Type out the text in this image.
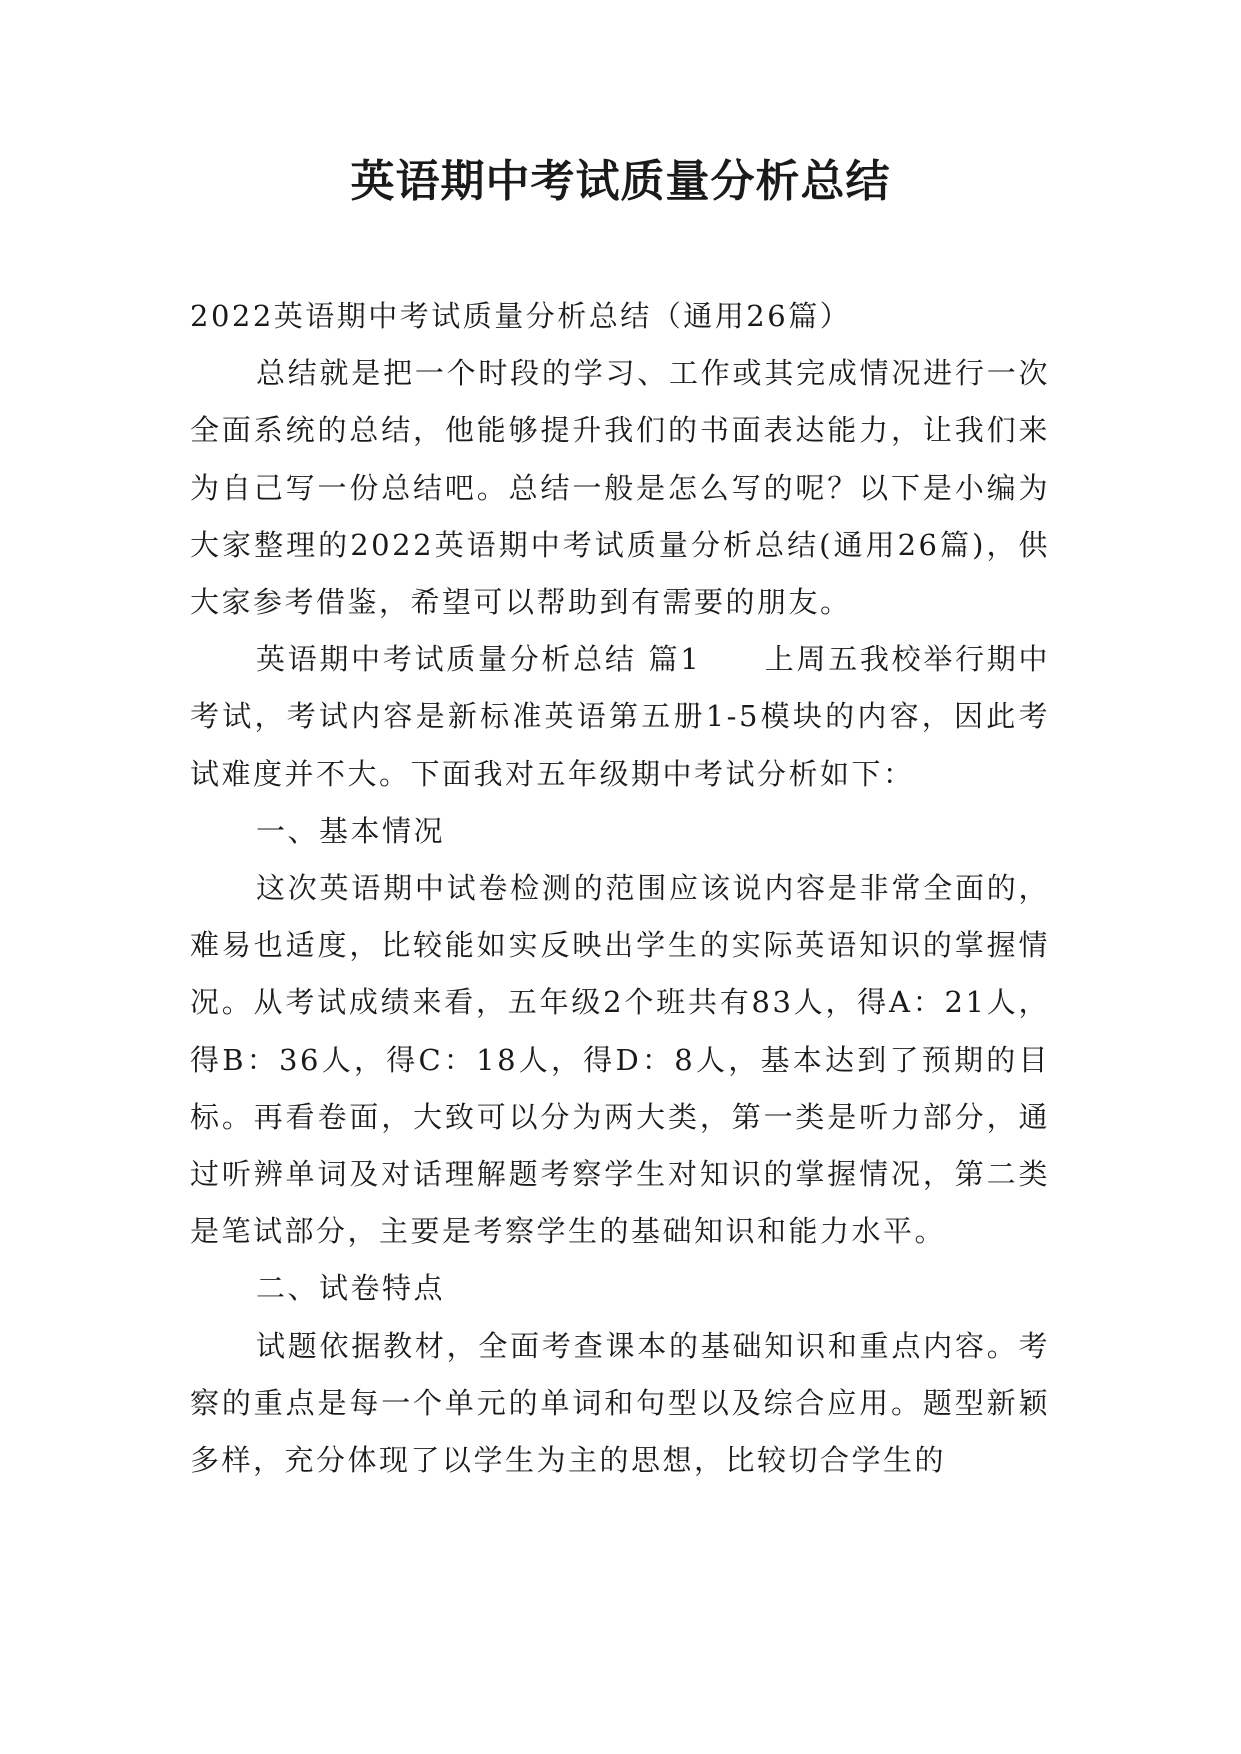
英语期中考试质量分析总结

2022英语期中考试质量分析总结（通用26篇）

总结就是把一个时段的学习、工作或其完成情况进行一次全面系统的总结，他能够提升我们的书面表达能力，让我们来为自己写一份总结吧。总结一般是怎么写的呢？以下是小编为大家整理的2022英语期中考试质量分析总结(通用26篇)，供大家参考借鉴，希望可以帮助到有需要的朋友。

英语期中考试质量分析总结 篇1　　上周五我校举行期中考试，考试内容是新标准英语第五册1-5模块的内容，因此考试难度并不大。下面我对五年级期中考试分析如下：

一、基本情况

这次英语期中试卷检测的范围应该说内容是非常全面的，难易也适度，比较能如实反映出学生的实际英语知识的掌握情况。从考试成绩来看，五年级2个班共有83人，得A：21人，得B：36人，得C：18人，得D：8人，基本达到了预期的目标。再看卷面，大致可以分为两大类，第一类是听力部分，通过听辨单词及对话理解题考察学生对知识的掌握情况，第二类是笔试部分，主要是考察学生的基础知识和能力水平。

二、试卷特点

试题依据教材，全面考查课本的基础知识和重点内容。考察的重点是每一个单元的单词和句型以及综合应用。题型新颖多样，充分体现了以学生为主的思想，比较切合学生的
